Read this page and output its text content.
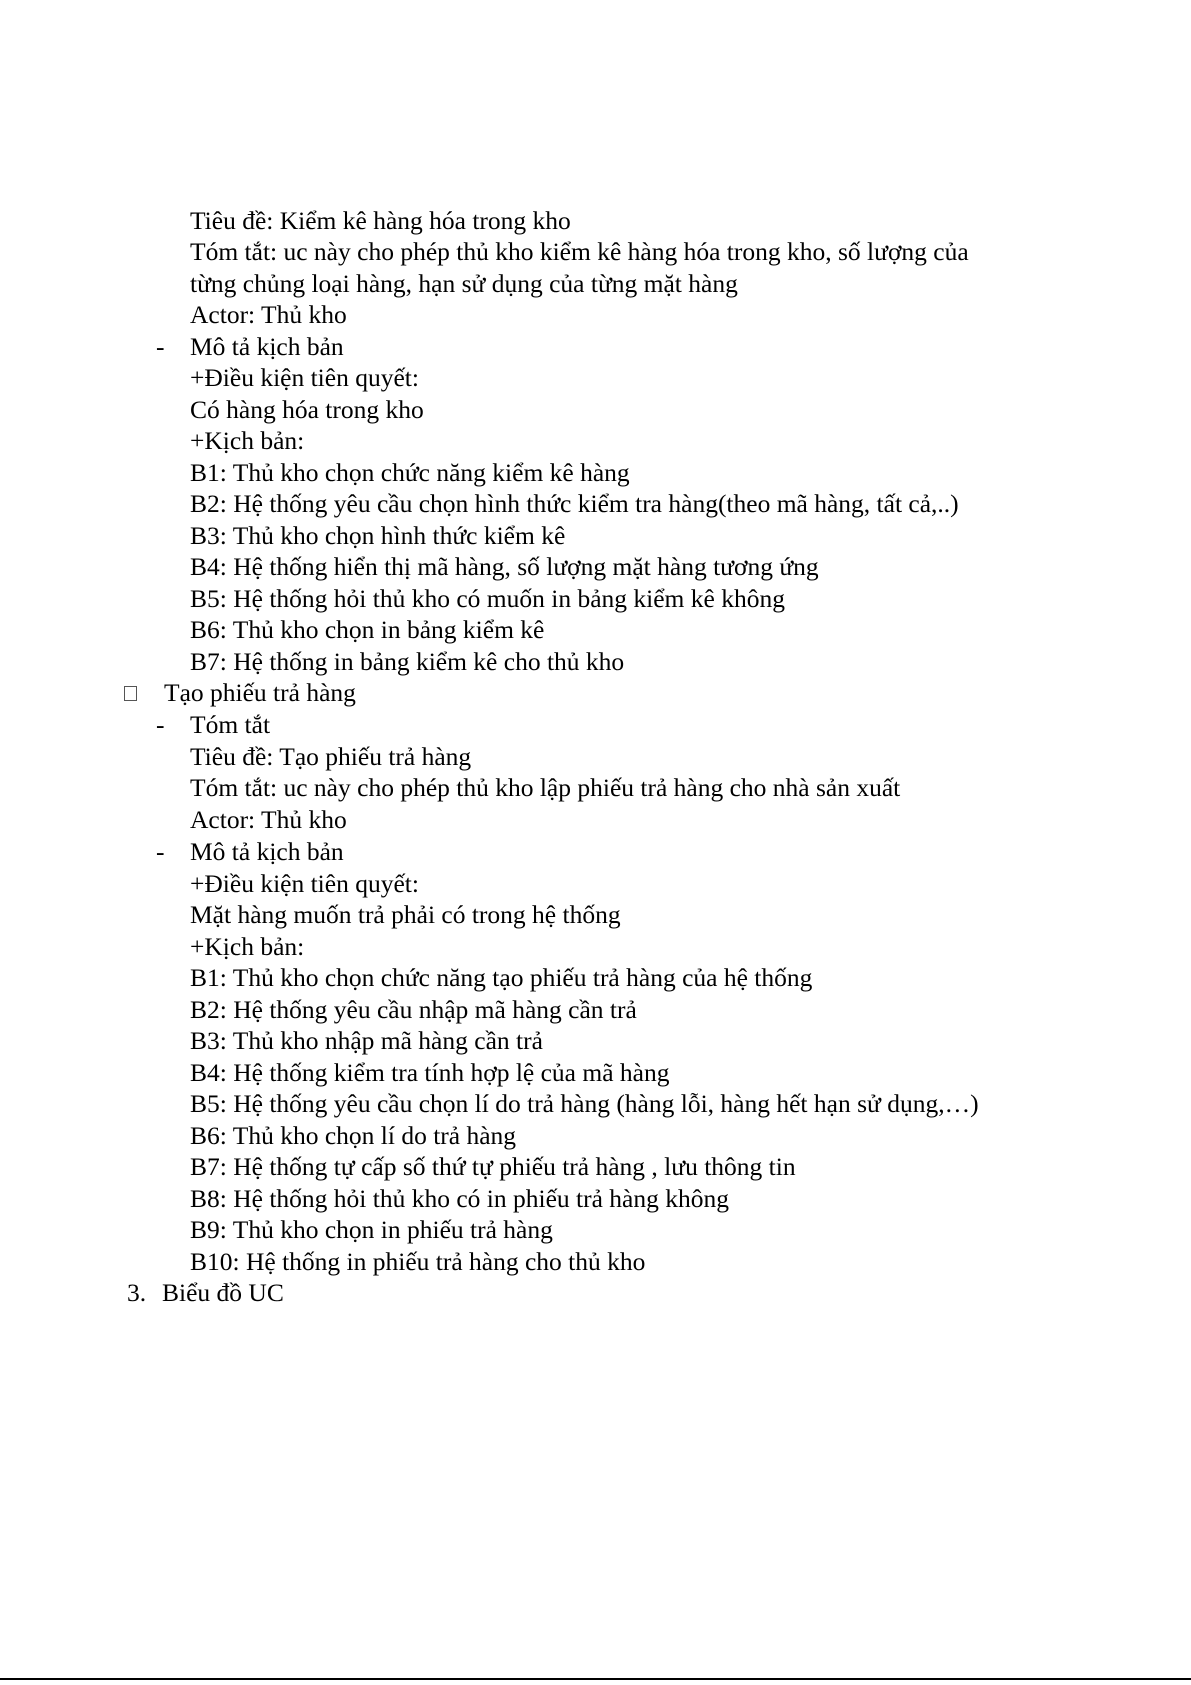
Tiêu đề: Kiểm kê hàng hóa trong kho
Tóm tắt: uc này cho phép thủ kho kiểm kê hàng hóa trong kho, số lượng của
từng chủng loại hàng, hạn sử dụng của từng mặt hàng
Actor: Thủ kho
- Mô tả kịch bản
+Điều kiện tiên quyết:
Có hàng hóa trong kho
+Kịch bản:
B1: Thủ kho chọn chức năng kiểm kê hàng
B2: Hệ thống yêu cầu chọn hình thức kiểm tra hàng(theo mã hàng, tất cả,..)
B3: Thủ kho chọn hình thức kiểm kê
B4: Hệ thống hiển thị mã hàng, số lượng mặt hàng tương ứng
B5: Hệ thống hỏi thủ kho có muốn in bảng kiểm kê không
B6: Thủ kho chọn in bảng kiểm kê
B7: Hệ thống in bảng kiểm kê cho thủ kho
Tạo phiếu trả hàng
- Tóm tắt
Tiêu đề: Tạo phiếu trả hàng
Tóm tắt: uc này cho phép thủ kho lập phiếu trả hàng cho nhà sản xuất
Actor: Thủ kho
- Mô tả kịch bản
+Điều kiện tiên quyết:
Mặt hàng muốn trả phải có trong hệ thống
+Kịch bản:
B1: Thủ kho chọn chức năng tạo phiếu trả hàng của hệ thống
B2: Hệ thống yêu cầu nhập mã hàng cần trả
B3: Thủ kho nhập mã hàng cần trả
B4: Hệ thống kiểm tra tính hợp lệ của mã hàng
B5: Hệ thống yêu cầu chọn lí do trả hàng (hàng lỗi, hàng hết hạn sử dụng,…)
B6: Thủ kho chọn lí do trả hàng
B7: Hệ thống tự cấp số thứ tự phiếu trả hàng , lưu thông tin
B8: Hệ thống hỏi thủ kho có in phiếu trả hàng không
B9: Thủ kho chọn in phiếu trả hàng
B10: Hệ thống in phiếu trả hàng cho thủ kho
3. Biểu đồ UC
